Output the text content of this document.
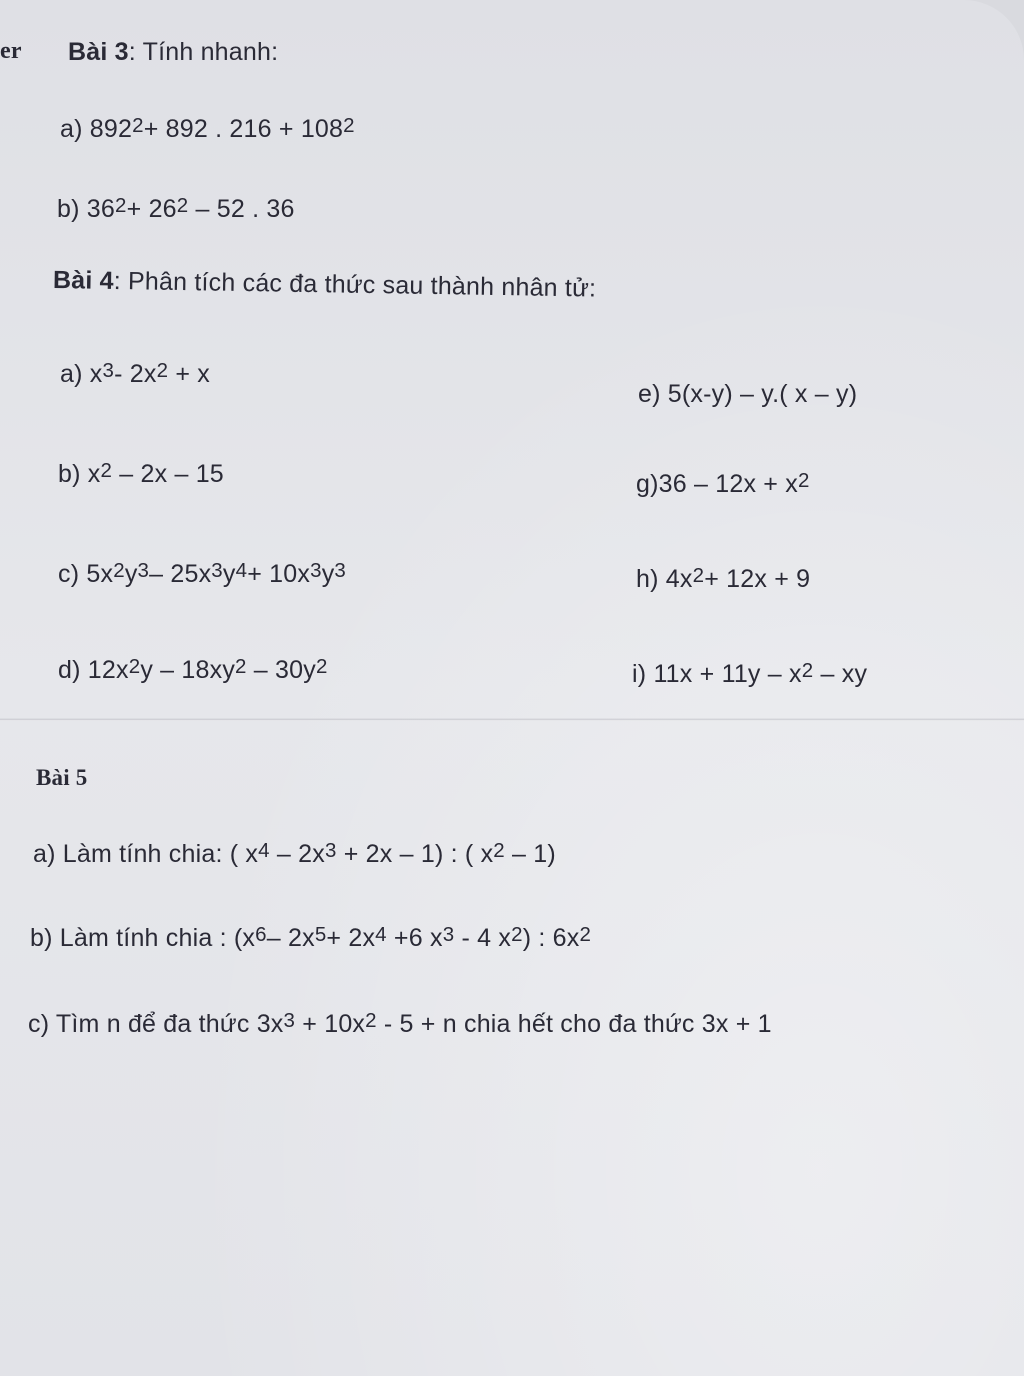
er Bài 3: Tính nhanh:
a) $892^2+ 892$ . $216 + 108^2$
b) $36^2+ 26^2 - 52$ . 36
Bài 4: Phân tích các đa thức sau thành nhân tử:
a) $x^3-$ $2x^2 + x$
b) $x^2 - 2x - 15$
c) $5x^2y^3-$ $25x^3y^4+ 10x^3y^3$
d) $12x^2y - 18xy^2 - 30y^2$
e) 5(x-y) – y.( x – y)
$g)36 - 12x + x^2$
h) $4x^2+ 12x + 9$
i) $11x + 11y - x^2$ – xy
Bài 5
a) Làm tính chia: ( $x^4 - 2x^3 + 2x - 1$) : ( $x^2 - 1$)
b) Làm tính chia : ($x^6-$ $2x^5+ 2x^4 +6$ $x^3 - 4$ $x^2$) : $6x^2$
c) Tìm n để đa thức $3x^3 + 10x^2 - 5 + n$ chia hết cho đa thức 3x + 1
